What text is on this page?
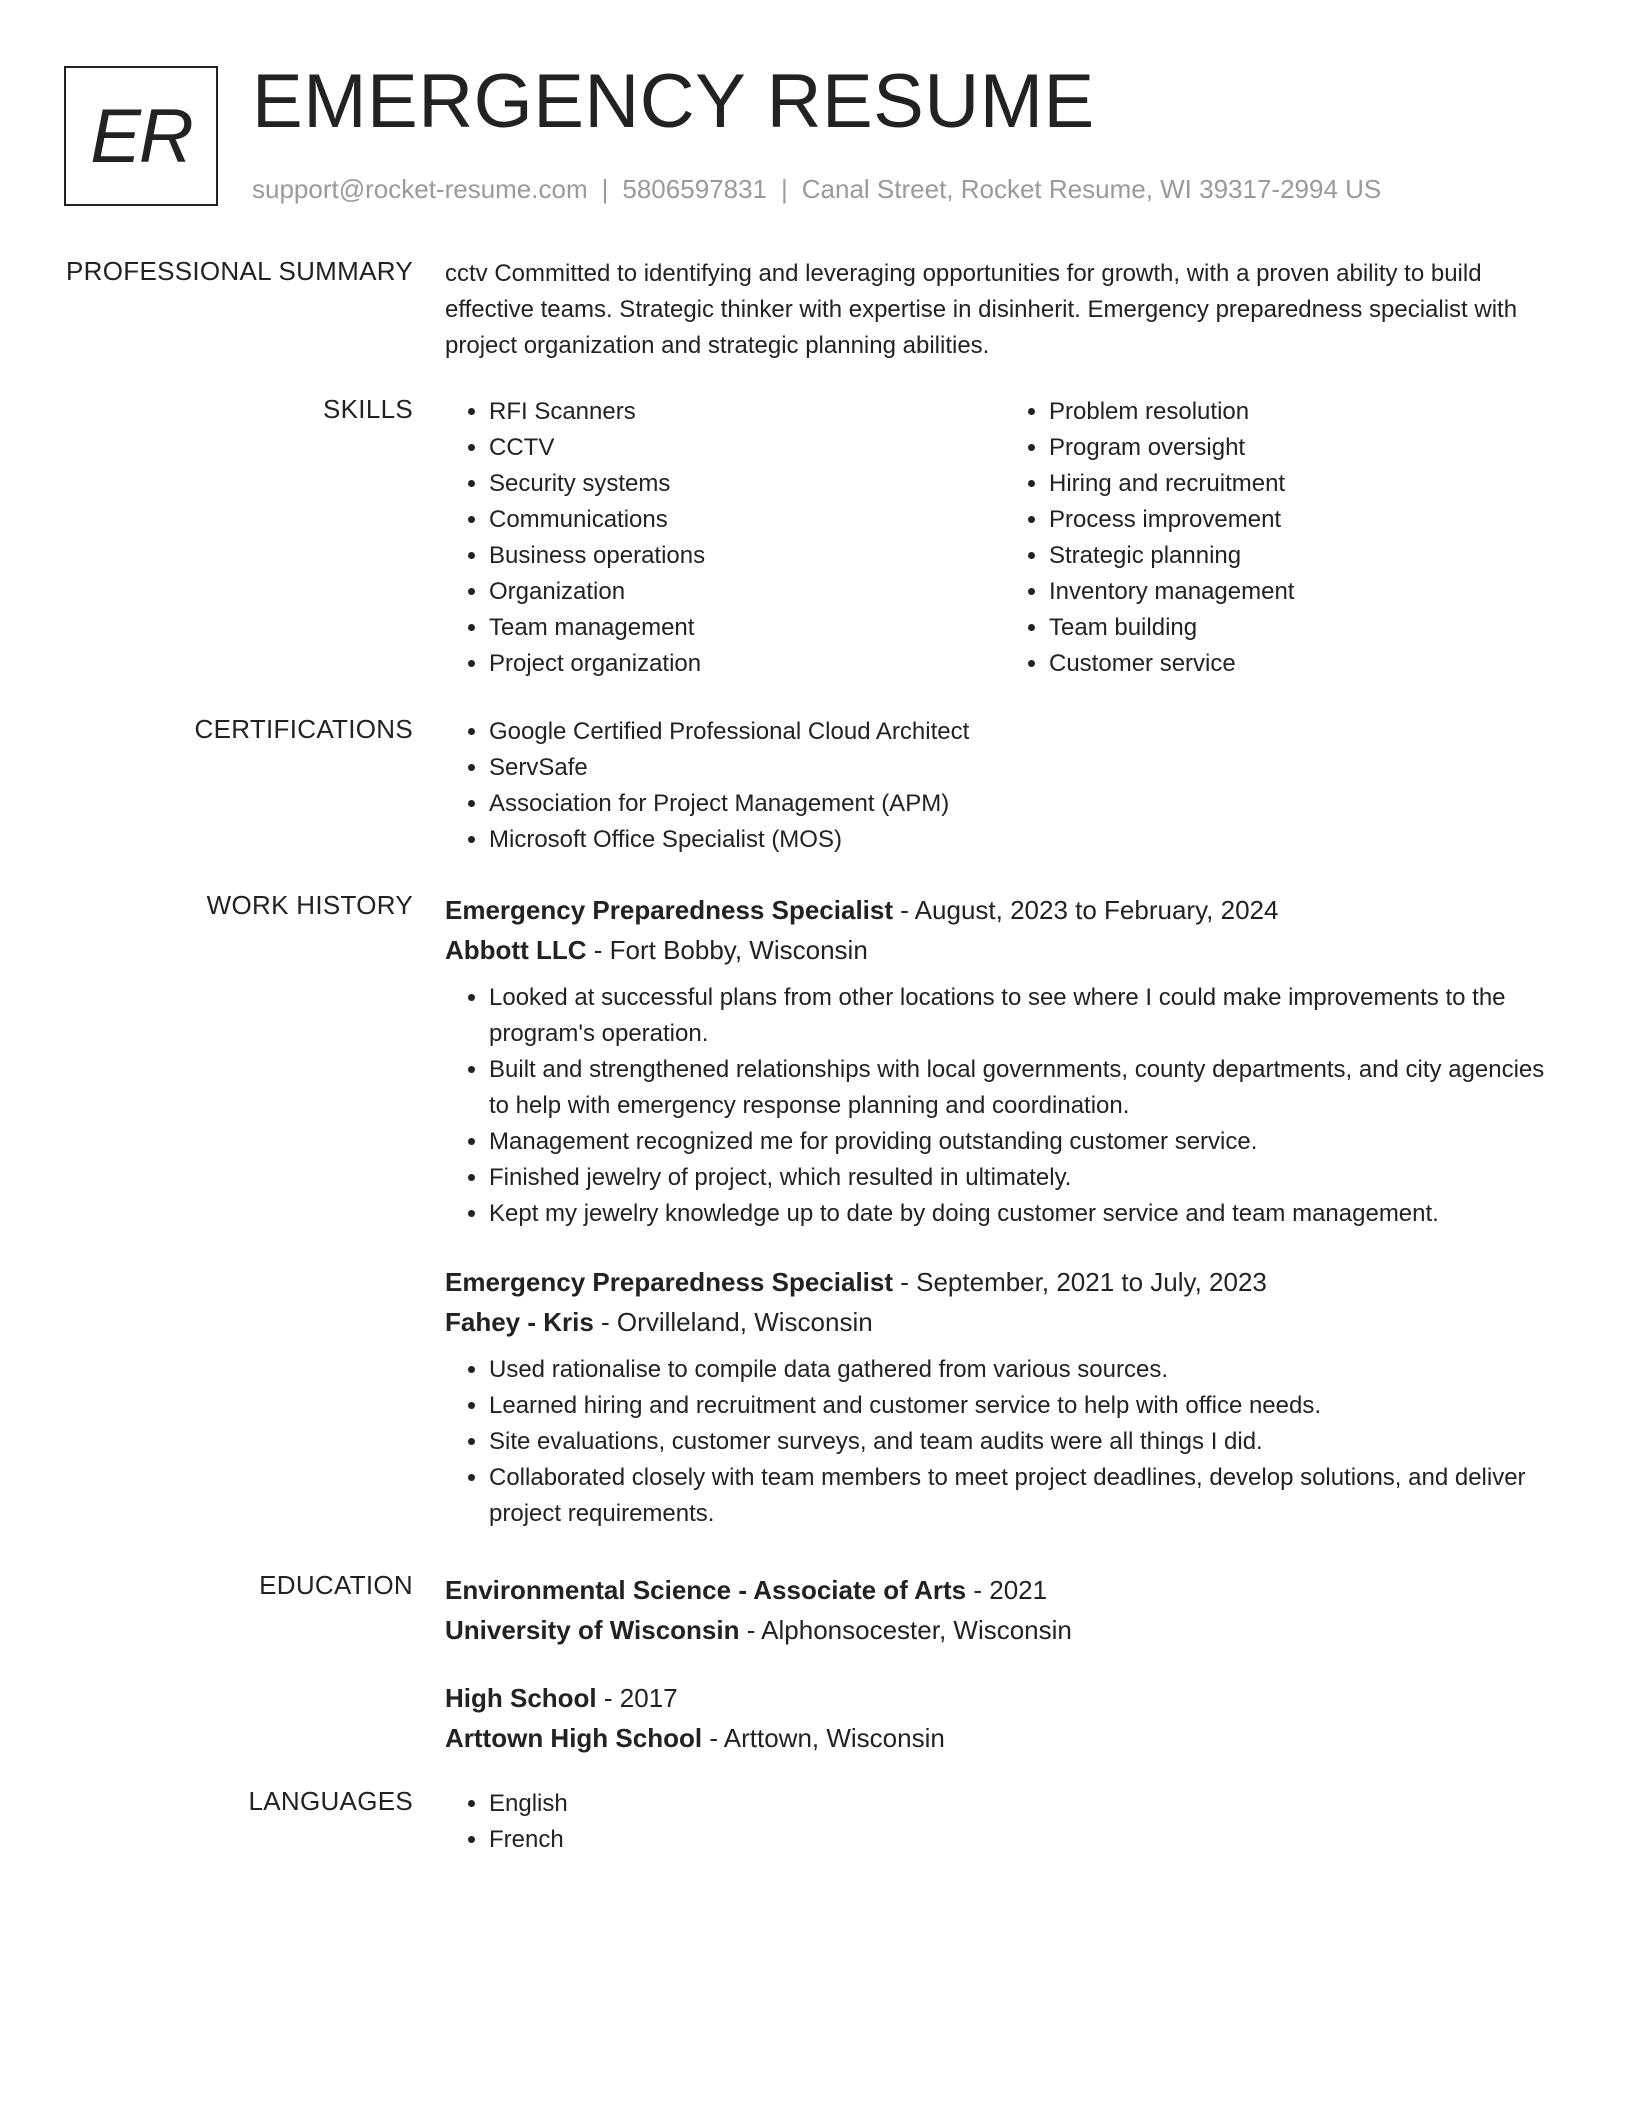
ER EMERGENCY RESUME
support@rocket-resume.com | 5806597831 | Canal Street, Rocket Resume, WI 39317-2994 US
PROFESSIONAL SUMMARY cctv Committed to identifying and leveraging opportunities for growth, with a proven ability to build effective teams. Strategic thinker with expertise in disinherit. Emergency preparedness specialist with project organization and strategic planning abilities.

SKILLS	• RFI Scanners
• CCTV
• Security systems
• Communications
• Business operations
• Organization
• Team management
• Project organization
• Problem resolution
• Program oversight
• Hiring and recruitment
• Process improvement
• Strategic planning
• Inventory management
• Team building
• Customer service
CERTIFICATIONS	• Google Certified Professional Cloud Architect
• ServSafe
• Association for Project Management (APM)
• Microsoft Office Specialist (MOS)
WORK HISTORY Emergency Preparedness Specialist - August, 2023 to February, 2024
Abbott LLC - Fort Bobby, Wisconsin
• Looked at successful plans from other locations to see where I could make improvements to the program's operation.
• Built and strengthened relationships with local governments, county departments, and city agencies to help with emergency response planning and coordination.
• Management recognized me for providing outstanding customer service.
• Finished jewelry of project, which resulted in ultimately.
• Kept my jewelry knowledge up to date by doing customer service and team management.
Emergency Preparedness Specialist - September, 2021 to July, 2023
Fahey - Kris - Orvilleland, Wisconsin
• Used rationalise to compile data gathered from various sources.
• Learned hiring and recruitment and customer service to help with office needs.
• Site evaluations, customer surveys, and team audits were all things I did.
• Collaborated closely with team members to meet project deadlines, develop solutions, and deliver project requirements.
EDUCATION Environmental Science - Associate of Arts - 2021
University of Wisconsin - Alphonsocester, Wisconsin
High School - 2017
Arttown High School - Arttown, Wisconsin
LANGUAGES	• English
• French
